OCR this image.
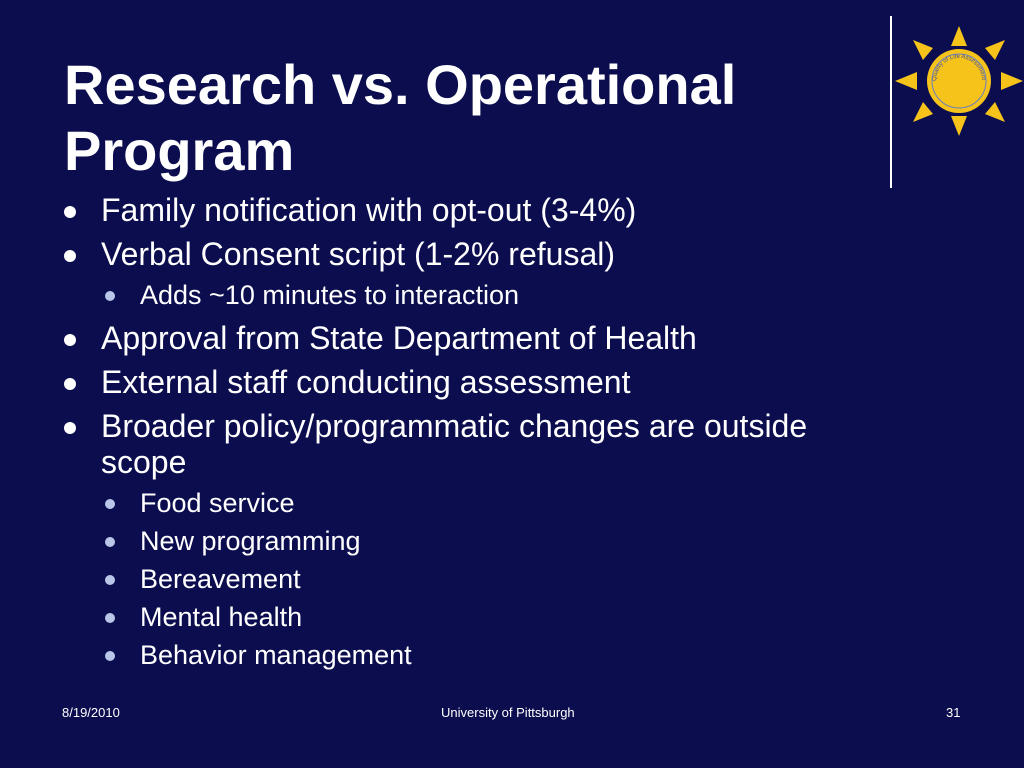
Research vs. Operational
Program
Quality of Life Assessment
Family notification with opt-out (3-4%)
Verbal Consent script (1-2% refusal)
Adds ~10 minutes to interaction
Approval from State Department of Health
External staff conducting assessment
Broader policy/programmatic changes are outside
scope
Food service
New programming
Bereavement
Mental health
Behavior management
8/19/2010	University of Pittsburgh	31
